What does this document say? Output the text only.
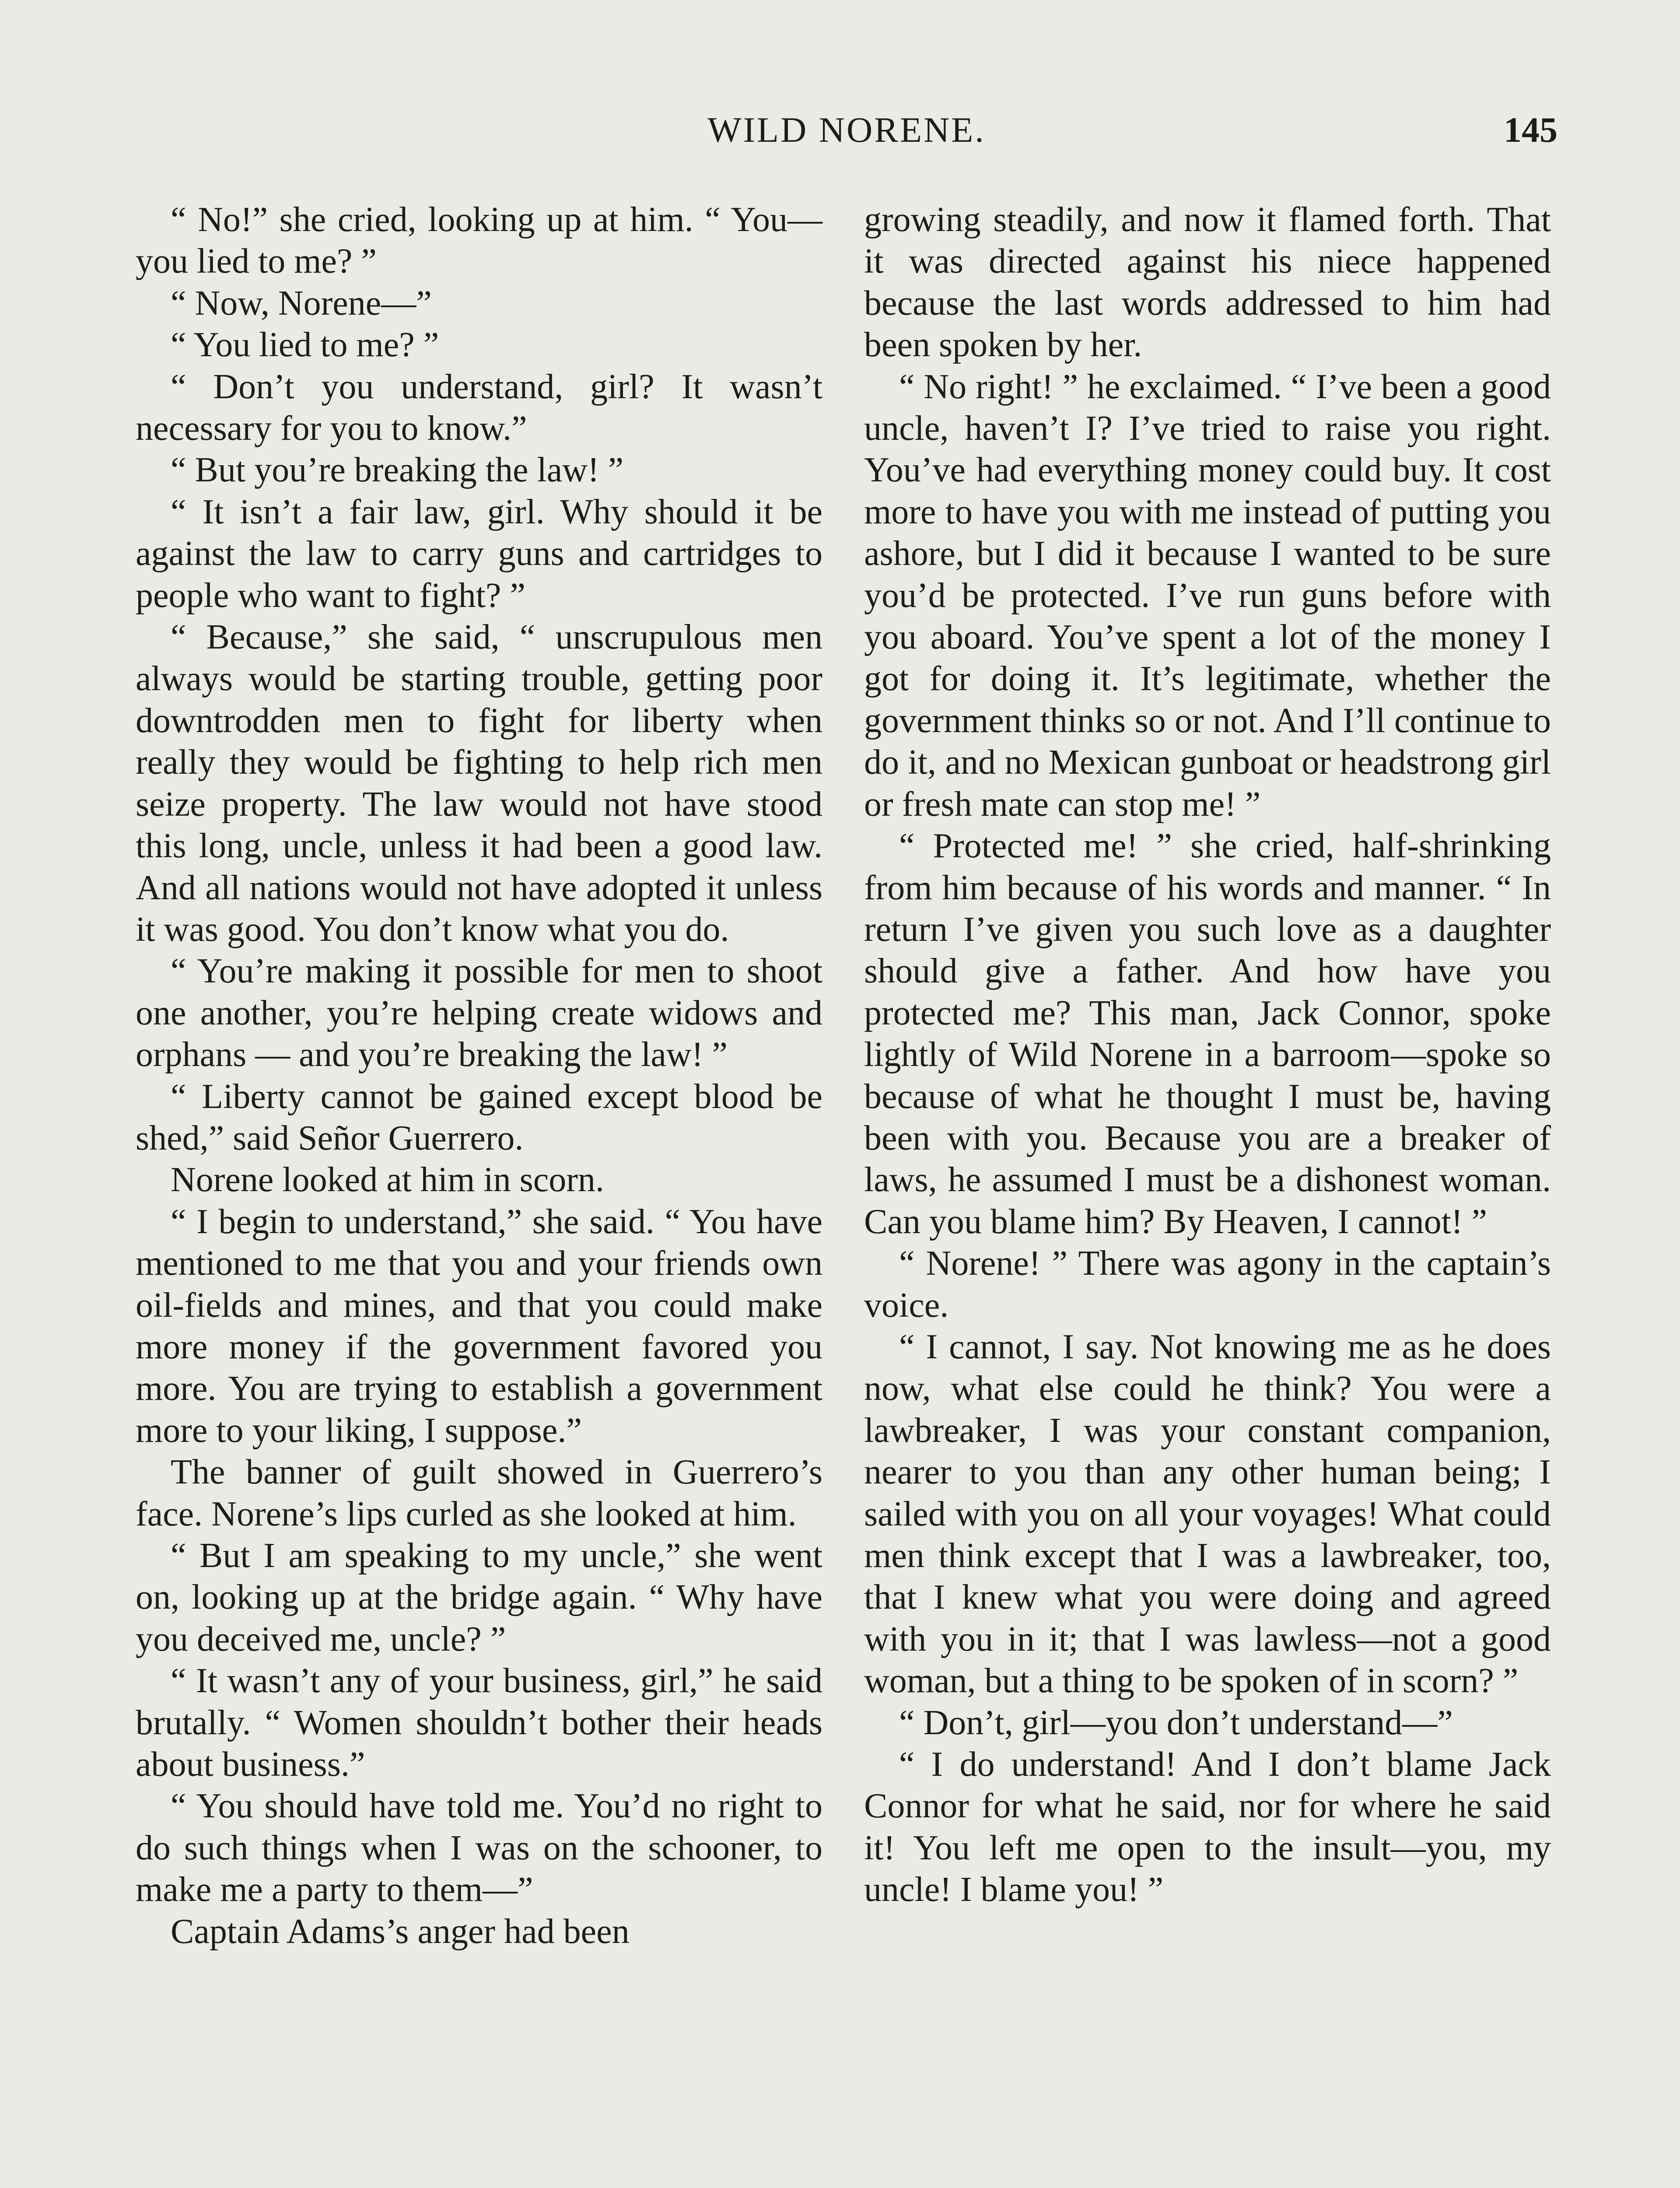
WILD NORENE.	145

“ No!” she cried, looking up at him. “ You—you lied to me? ”

“ Now, Norene—”

“ You lied to me? ”

“ Don’t you understand, girl? It wasn’t necessary for you to know.”

“ But you’re breaking the law! ”

“ It isn’t a fair law, girl. Why should it be against the law to carry guns and cartridges to people who want to fight? ”

“ Because,” she said, “ unscrupulous men always would be starting trouble, getting poor downtrodden men to fight for liberty when really they would be fighting to help rich men seize property. The law would not have stood this long, uncle, unless it had been a good law. And all nations would not have adopted it unless it was good. You don’t know what you do.

“ You’re making it possible for men to shoot one another, you’re helping create widows and orphans — and you’re breaking the law! ”

“ Liberty cannot be gained except blood be shed,” said Señor Guerrero.

Norene looked at him in scorn.

“ I begin to understand,” she said. “ You have mentioned to me that you and your friends own oil-fields and mines, and that you could make more money if the government favored you more. You are trying to establish a government more to your liking, I suppose.”

The banner of guilt showed in Guerrero’s face. Norene’s lips curled as she looked at him.

“ But I am speaking to my uncle,” she went on, looking up at the bridge again. “ Why have you deceived me, uncle? ”

“ It wasn’t any of your business, girl,” he said brutally. “ Women shouldn’t bother their heads about business.”

“ You should have told me. You’d no right to do such things when I was on the schooner, to make me a party to them—”

Captain Adams’s anger had been

growing steadily, and now it flamed forth. That it was directed against his niece happened because the last words addressed to him had been spoken by her.

“ No right! ” he exclaimed. “ I’ve been a good uncle, haven’t I? I’ve tried to raise you right. You’ve had everything money could buy. It cost more to have you with me instead of putting you ashore, but I did it because I wanted to be sure you’d be protected. I’ve run guns before with you aboard. You’ve spent a lot of the money I got for doing it. It’s legitimate, whether the government thinks so or not. And I’ll continue to do it, and no Mexican gunboat or headstrong girl or fresh mate can stop me! ”

“ Protected me! ” she cried, half-shrinking from him because of his words and manner. “ In return I’ve given you such love as a daughter should give a father. And how have you protected me? This man, Jack Connor, spoke lightly of Wild Norene in a barroom—spoke so because of what he thought I must be, having been with you. Because you are a breaker of laws, he assumed I must be a dishonest woman. Can you blame him? By Heaven, I cannot! ”

“ Norene! ” There was agony in the captain’s voice.

“ I cannot, I say. Not knowing me as he does now, what else could he think? You were a lawbreaker, I was your constant companion, nearer to you than any other human being; I sailed with you on all your voyages! What could men think except that I was a lawbreaker, too, that I knew what you were doing and agreed with you in it; that I was lawless—not a good woman, but a thing to be spoken of in scorn? ”

“ Don’t, girl—you don’t understand—”

“ I do understand! And I don’t blame Jack Connor for what he said, nor for where he said it! You left me open to the insult—you, my uncle! I blame you! ”
